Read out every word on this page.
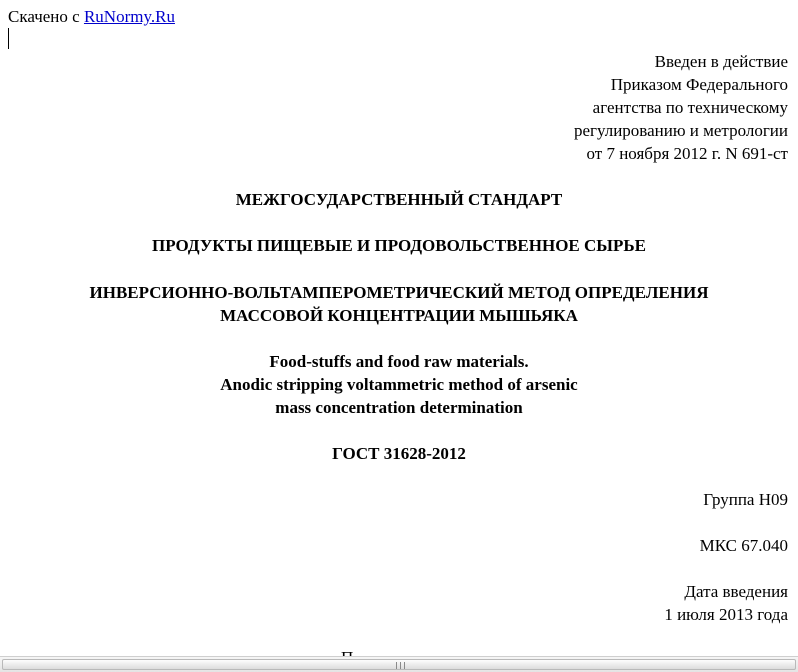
Скачено с RuNormy.Ru
Введен в действие
Приказом Федерального
агентства по техническому
регулированию и метрологии
от 7 ноября 2012 г. N 691-ст
МЕЖГОСУДАРСТВЕННЫЙ СТАНДАРТ
ПРОДУКТЫ ПИЩЕВЫЕ И ПРОДОВОЛЬСТВЕННОЕ СЫРЬЕ
ИНВЕРСИОННО-ВОЛЬТАМПЕРОМЕТРИЧЕСКИЙ МЕТОД ОПРЕДЕЛЕНИЯ
МАССОВОЙ КОНЦЕНТРАЦИИ МЫШЬЯКА
Food-stuffs and food raw materials.
Anodic stripping voltammetric method of arsenic
mass concentration determination
ГОСТ 31628-2012
Группа Н09
МКС 67.040
Дата введения
1 июля 2013 года
